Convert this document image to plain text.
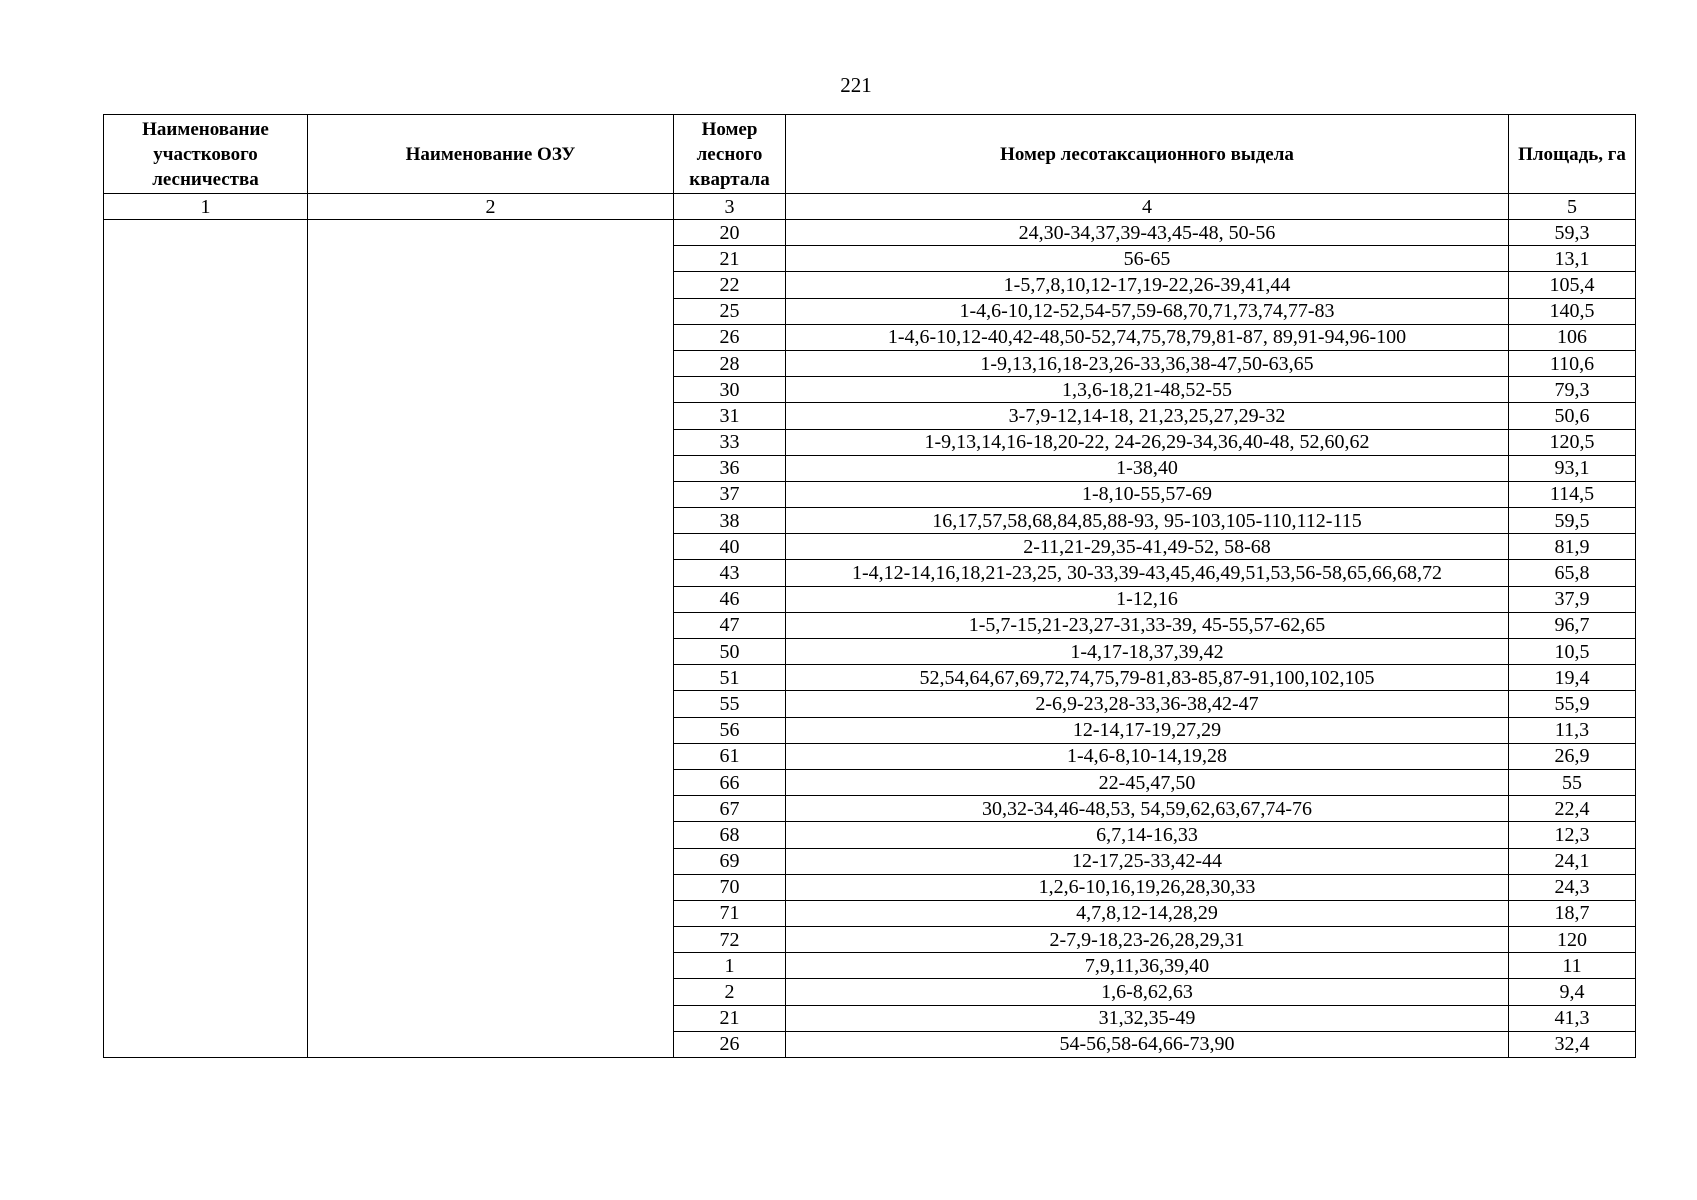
221
Наименование участкового лесничества	Наименование ОЗУ	Номер лесного квартала	Номер лесотаксационного выдела	Площадь, га
1	2	3	4	5
		20	24,30-34,37,39-43,45-48, 50-56	59,3
		21	56-65	13,1
		22	1-5,7,8,10,12-17,19-22,26-39,41,44	105,4
		25	1-4,6-10,12-52,54-57,59-68,70,71,73,74,77-83	140,5
		26	1-4,6-10,12-40,42-48,50-52,74,75,78,79,81-87, 89,91-94,96-100	106
		28	1-9,13,16,18-23,26-33,36,38-47,50-63,65	110,6
		30	1,3,6-18,21-48,52-55	79,3
		31	3-7,9-12,14-18, 21,23,25,27,29-32	50,6
		33	1-9,13,14,16-18,20-22, 24-26,29-34,36,40-48, 52,60,62	120,5
		36	1-38,40	93,1
		37	1-8,10-55,57-69	114,5
		38	16,17,57,58,68,84,85,88-93, 95-103,105-110,112-115	59,5
		40	2-11,21-29,35-41,49-52, 58-68	81,9
		43	1-4,12-14,16,18,21-23,25, 30-33,39-43,45,46,49,51,53,56-58,65,66,68,72	65,8
		46	1-12,16	37,9
		47	1-5,7-15,21-23,27-31,33-39, 45-55,57-62,65	96,7
		50	1-4,17-18,37,39,42	10,5
		51	52,54,64,67,69,72,74,75,79-81,83-85,87-91,100,102,105	19,4
		55	2-6,9-23,28-33,36-38,42-47	55,9
		56	12-14,17-19,27,29	11,3
		61	1-4,6-8,10-14,19,28	26,9
		66	22-45,47,50	55
		67	30,32-34,46-48,53, 54,59,62,63,67,74-76	22,4
		68	6,7,14-16,33	12,3
		69	12-17,25-33,42-44	24,1
		70	1,2,6-10,16,19,26,28,30,33	24,3
		71	4,7,8,12-14,28,29	18,7
		72	2-7,9-18,23-26,28,29,31	120
		1	7,9,11,36,39,40	11
		2	1,6-8,62,63	9,4
		21	31,32,35-49	41,3
		26	54-56,58-64,66-73,90	32,4
